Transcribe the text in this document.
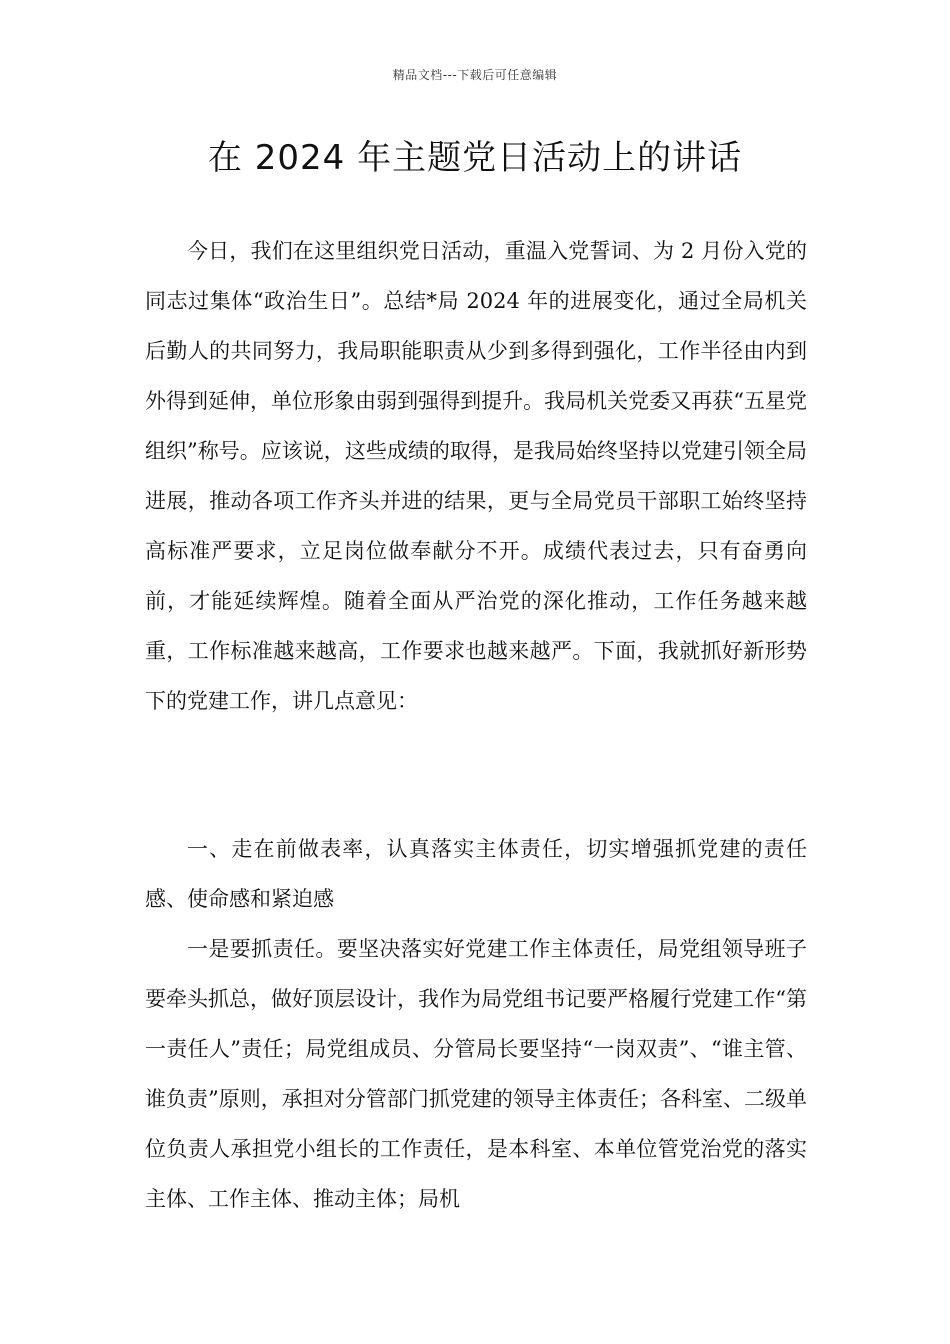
精品文档---下载后可任意编辑
在 2024 年主题党日活动上的讲话

今日，我们在这里组织党日活动，重温入党誓词、为 2 月份入党的同志过集体“政治生日”。总结*局 2024 年的进展变化，通过全局机关后勤人的共同努力，我局职能职责从少到多得到强化，工作半径由内到外得到延伸，单位形象由弱到强得到提升。我局机关党委又再获“五星党组织”称号。应该说，这些成绩的取得，是我局始终坚持以党建引领全局进展，推动各项工作齐头并进的结果，更与全局党员干部职工始终坚持高标准严要求，立足岗位做奉献分不开。成绩代表过去，只有奋勇向前，才能延续辉煌。随着全面从严治党的深化推动，工作任务越来越重，工作标准越来越高，工作要求也越来越严。下面，我就抓好新形势下的党建工作，讲几点意见：

一、走在前做表率，认真落实主体责任，切实增强抓党建的责任感、使命感和紧迫感

一是要抓责任。要坚决落实好党建工作主体责任，局党组领导班子要牵头抓总，做好顶层设计，我作为局党组书记要严格履行党建工作“第一责任人”责任；局党组成员、分管局长要坚持“一岗双责”、“谁主管、谁负责”原则，承担对分管部门抓党建的领导主体责任；各科室、二级单位负责人承担党小组长的工作责任，是本科室、本单位管党治党的落实主体、工作主体、推动主体；局机
